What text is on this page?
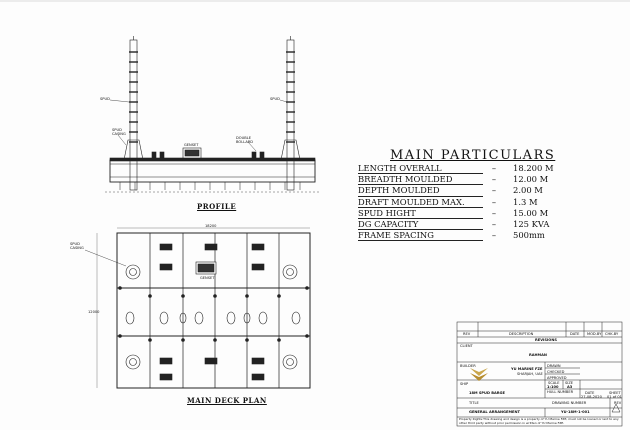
SPUD	SPUD
SPUD
CASING
GENSET
DOUBLE
BOLLARD
SPUD
CASING
GENSET
18200
12000
PROFILE
MAIN DECK PLAN
MAIN PARTICULARS
LENGTH OVERALL	–	18.200 M
BREADTH MOULDED	–	12.00 M
DEPTH MOULDED	–	2.00 M
DRAFT MOULDED MAX.	–	1.3 M
SPUD HIGHT	–	15.00 M
DG CAPACITY	–	125 KVA
FRAME SPACING	–	500mm
REV	DESCRIPTION	DATE MOD.BY CHK.BY
REVISIONS
CLIENT
RAHMAN
BUILDER
YU MARINE FZE
SHARJAH, UAE
DRAWN
CHECKED
APPROVED
SHIP
18M SPUD BARGE
SCALE
1:100
SIZE
A3
HULL NUMBER	DATE
27-08-2020
SHEET
01 of 01
TITLE
GENERAL ARRANGEMENT
DRAWING NUMBER
YU-18M-1-001
REV
Property Rights:This drawing and design is a property of YU Marine FZE, must not be loaned or lent to any other third party without prior permission in written of YU Marine FZE.
